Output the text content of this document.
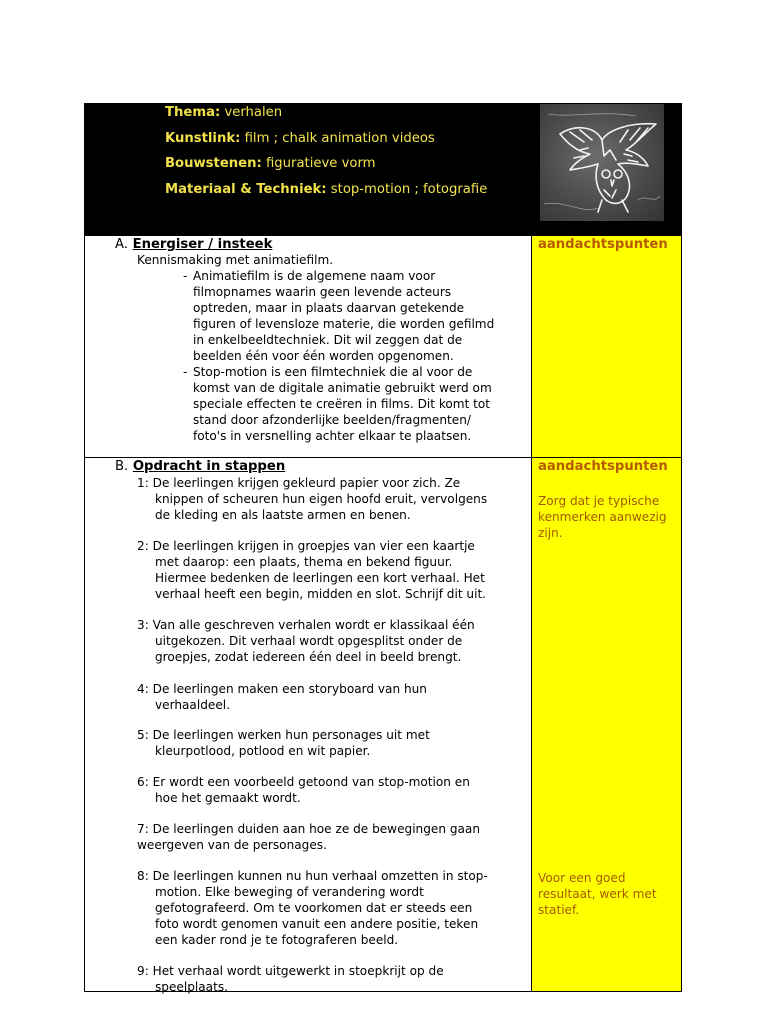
Thema: verhalen
Kunstlink: film ; chalk animation videos
Bouwstenen: figuratieve vorm
Materiaal & Techniek: stop-motion ; fotografie
A. Energiser / insteek
Kennismaking met animatiefilm.
- Animatiefilm is de algemene naam voor
filmopnames waarin geen levende acteurs
optreden, maar in plaats daarvan getekende
figuren of levensloze materie, die worden gefilmd
in enkelbeeldtechniek. Dit wil zeggen dat de
beelden één voor één worden opgenomen.
- Stop-motion is een filmtechniek die al voor de
komst van de digitale animatie gebruikt werd om
speciale effecten te creëren in films. Dit komt tot
stand door afzonderlijke beelden/fragmenten/
foto's in versnelling achter elkaar te plaatsen.
aandachtspunten
B. Opdracht in stappen
1: De leerlingen krijgen gekleurd papier voor zich. Ze
knippen of scheuren hun eigen hoofd eruit, vervolgens
de kleding en als laatste armen en benen.
2: De leerlingen krijgen in groepjes van vier een kaartje
met daarop: een plaats, thema en bekend figuur.
Hiermee bedenken de leerlingen een kort verhaal. Het
verhaal heeft een begin, midden en slot. Schrijf dit uit.
3: Van alle geschreven verhalen wordt er klassikaal één
uitgekozen. Dit verhaal wordt opgesplitst onder de
groepjes, zodat iedereen één deel in beeld brengt.
4: De leerlingen maken een storyboard van hun
verhaaldeel.
5: De leerlingen werken hun personages uit met
kleurpotlood, potlood en wit papier.
6: Er wordt een voorbeeld getoond van stop-motion en
hoe het gemaakt wordt.
7: De leerlingen duiden aan hoe ze de bewegingen gaan
weergeven van de personages.
8: De leerlingen kunnen nu hun verhaal omzetten in stop-
motion. Elke beweging of verandering wordt
gefotografeerd. Om te voorkomen dat er steeds een
foto wordt genomen vanuit een andere positie, teken
een kader rond je te fotograferen beeld.
9: Het verhaal wordt uitgewerkt in stoepkrijt op de
speelplaats.
aandachtspunten
Zorg dat je typische
kenmerken aanwezig
zijn.
Voor een goed
resultaat, werk met
statief.
